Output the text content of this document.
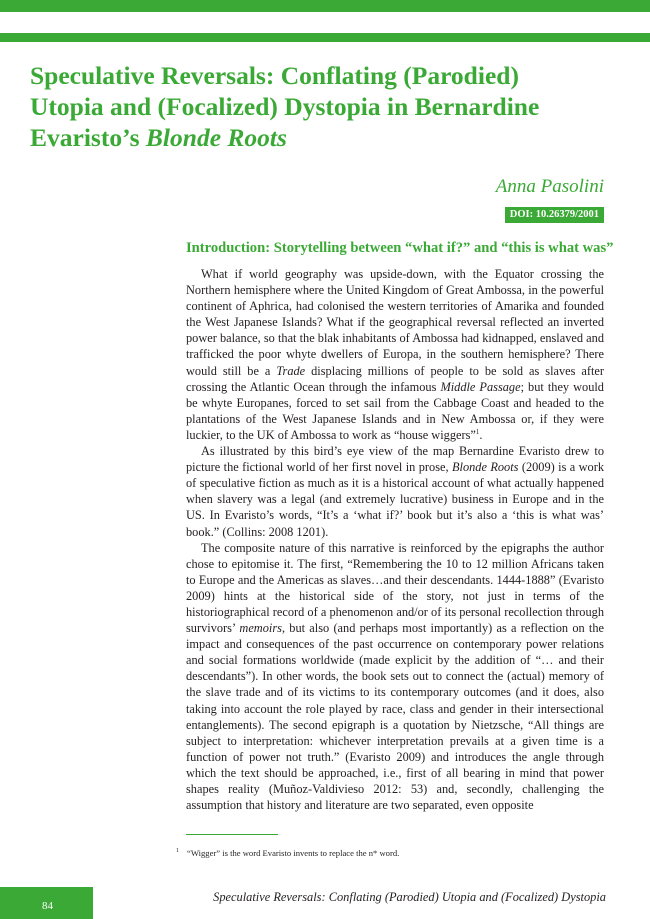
Speculative Reversals: Conflating (Parodied)
Utopia and (Focalized) Dystopia in Bernardine
Evaristo’s Blonde Roots
Anna Pasolini
DOI: 10.26379/2001
Introduction: Storytelling between “what if?” and “this is what was”

What if world geography was upside-down, with the Equator crossing the Northern hemisphere where the United Kingdom of Great Ambossa, in the powerful continent of Aphrica, had colonised the western territories of Amarika and founded the West Japanese Islands? What if the geographical reversal reflected an inverted power balance, so that the blak inhabitants of Ambossa had kidnapped, enslaved and trafficked the poor whyte dwellers of Europa, in the southern hemisphere? There would still be a Trade displacing millions of people to be sold as slaves after crossing the Atlantic Ocean through the infamous Middle Passage; but they would be whyte Europanes, forced to set sail from the Cabbage Coast and headed to the plantations of the West Japanese Islands and in New Ambossa or, if they were luckier, to the UK of Ambossa to work as “house wiggers”$^1$.

As illustrated by this bird’s eye view of the map Bernardine Evaristo drew to picture the fictional world of her first novel in prose, Blonde Roots (2009) is a work of speculative fiction as much as it is a historical account of what actually happened when slavery was a legal (and extremely lucrative) business in Europe and in the US. In Evaristo’s words, “It’s a ‘what if?’ book but it’s also a ‘this is what was’ book.” (Collins: 2008 1201).

The composite nature of this narrative is reinforced by the epigraphs the author chose to epitomise it. The first, “Remembering the 10 to 12 million Africans taken to Europe and the Americas as slaves…and their descendants. 1444-1888” (Evaristo 2009) hints at the historical side of the story, not just in terms of the historiographical record of a phenomenon and/or of its personal recollection through survivors’ memoirs, but also (and perhaps most importantly) as a reflection on the impact and consequences of the past occurrence on contemporary power relations and social formations worldwide (made explicit by the addition of “… and their descendants”). In other words, the book sets out to connect the (actual) memory of the slave trade and of its victims to its contemporary outcomes (and it does, also taking into account the role played by race, class and gender in their intersectional entanglements). The second epigraph is a quotation by Nietzsche, “All things are subject to interpretation: whichever interpretation prevails at a given time is a function of power not truth.” (Evaristo 2009) and introduces the angle through which the text should be approached, i.e., first of all bearing in mind that power shapes reality (Muñoz-Valdivieso 2012: 53) and, secondly, challenging the assumption that history and literature are two separated, even opposite

$^1$ “Wigger” is the word Evaristo invents to replace the n* word.
84
Speculative Reversals: Conflating (Parodied) Utopia and (Focalized) Dystopia
